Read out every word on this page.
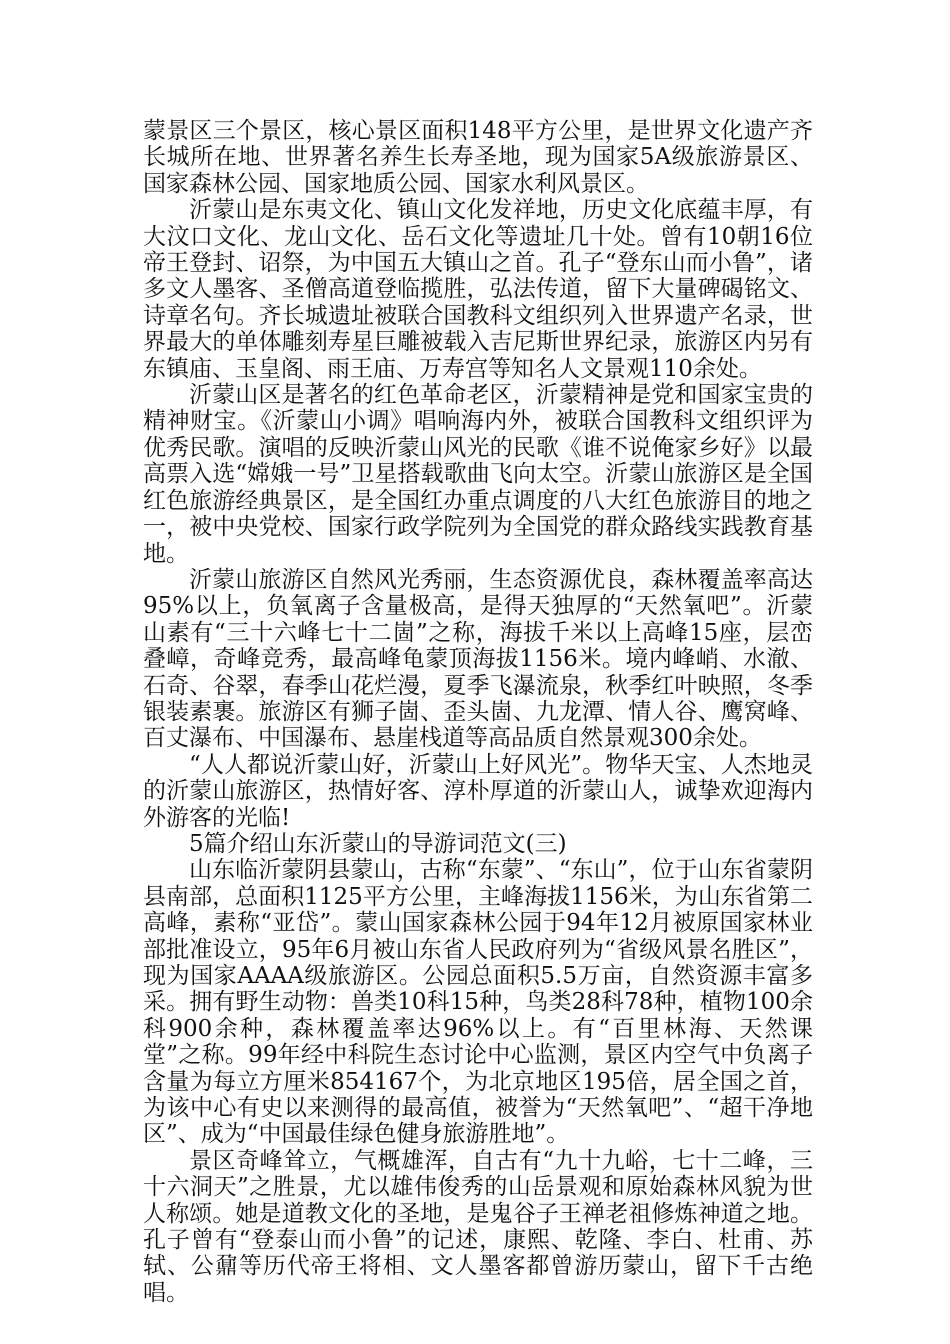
蒙景区三个景区，核心景区面积148平方公里，是世界文化遗产齐长城所在地、世界著名养生长寿圣地，现为国家5A级旅游景区、国家森林公园、国家地质公园、国家水利风景区。

沂蒙山是东夷文化、镇山文化发祥地，历史文化底蕴丰厚，有大汶口文化、龙山文化、岳石文化等遗址几十处。曾有10朝16位帝王登封、诏祭，为中国五大镇山之首。孔子“登东山而小鲁”，诸多文人墨客、圣僧高道登临揽胜，弘法传道，留下大量碑碣铭文、诗章名句。齐长城遗址被联合国教科文组织列入世界遗产名录，世界最大的单体雕刻寿星巨雕被载入吉尼斯世界纪录，旅游区内另有东镇庙、玉皇阁、雨王庙、万寿宫等知名人文景观110余处。

沂蒙山区是著名的红色革命老区，沂蒙精神是党和国家宝贵的精神财宝。《沂蒙山小调》唱响海内外，被联合国教科文组织评为优秀民歌。演唱的反映沂蒙山风光的民歌《谁不说俺家乡好》以最高票入选“嫦娥一号”卫星搭载歌曲飞向太空。沂蒙山旅游区是全国红色旅游经典景区，是全国红办重点调度的八大红色旅游目的地之一，被中央党校、国家行政学院列为全国党的群众路线实践教育基地。

沂蒙山旅游区自然风光秀丽，生态资源优良，森林覆盖率高达95%以上，负氧离子含量极高，是得天独厚的“天然氧吧”。沂蒙山素有“三十六峰七十二崮”之称，海拔千米以上高峰15座，层峦叠嶂，奇峰竞秀，最高峰龟蒙顶海拔1156米。境内峰峭、水澈、石奇、谷翠，春季山花烂漫，夏季飞瀑流泉，秋季红叶映照，冬季银装素裹。旅游区有狮子崮、歪头崮、九龙潭、情人谷、鹰窝峰、百丈瀑布、中国瀑布、悬崖栈道等高品质自然景观300余处。

“人人都说沂蒙山好，沂蒙山上好风光”。物华天宝、人杰地灵的沂蒙山旅游区，热情好客、淳朴厚道的沂蒙山人，诚挚欢迎海内外游客的光临!

5篇介绍山东沂蒙山的导游词范文(三)

山东临沂蒙阴县蒙山，古称“东蒙”、“东山”，位于山东省蒙阴县南部，总面积1125平方公里，主峰海拔1156米，为山东省第二高峰，素称“亚岱”。蒙山国家森林公园于94年12月被原国家林业部批准设立，95年6月被山东省人民政府列为“省级风景名胜区”，现为国家AAAA级旅游区。公园总面积5.5万亩，自然资源丰富多采。拥有野生动物：兽类10科15种，鸟类28科78种，植物100余科900余种，森林覆盖率达96%以上。有“百里林海、天然课堂”之称。99年经中科院生态讨论中心监测，景区内空气中负离子含量为每立方厘米854167个，为北京地区195倍，居全国之首，为该中心有史以来测得的最高值，被誉为“天然氧吧”、“超干净地区”、成为“中国最佳绿色健身旅游胜地”。

景区奇峰耸立，气概雄浑，自古有“九十九峪，七十二峰，三十六洞天”之胜景，尤以雄伟俊秀的山岳景观和原始森林风貌为世人称颂。她是道教文化的圣地，是鬼谷子王禅老祖修炼神道之地。孔子曾有“登泰山而小鲁”的记述，康熙、乾隆、李白、杜甫、苏轼、公鼐等历代帝王将相、文人墨客都曾游历蒙山，留下千古绝唱。
